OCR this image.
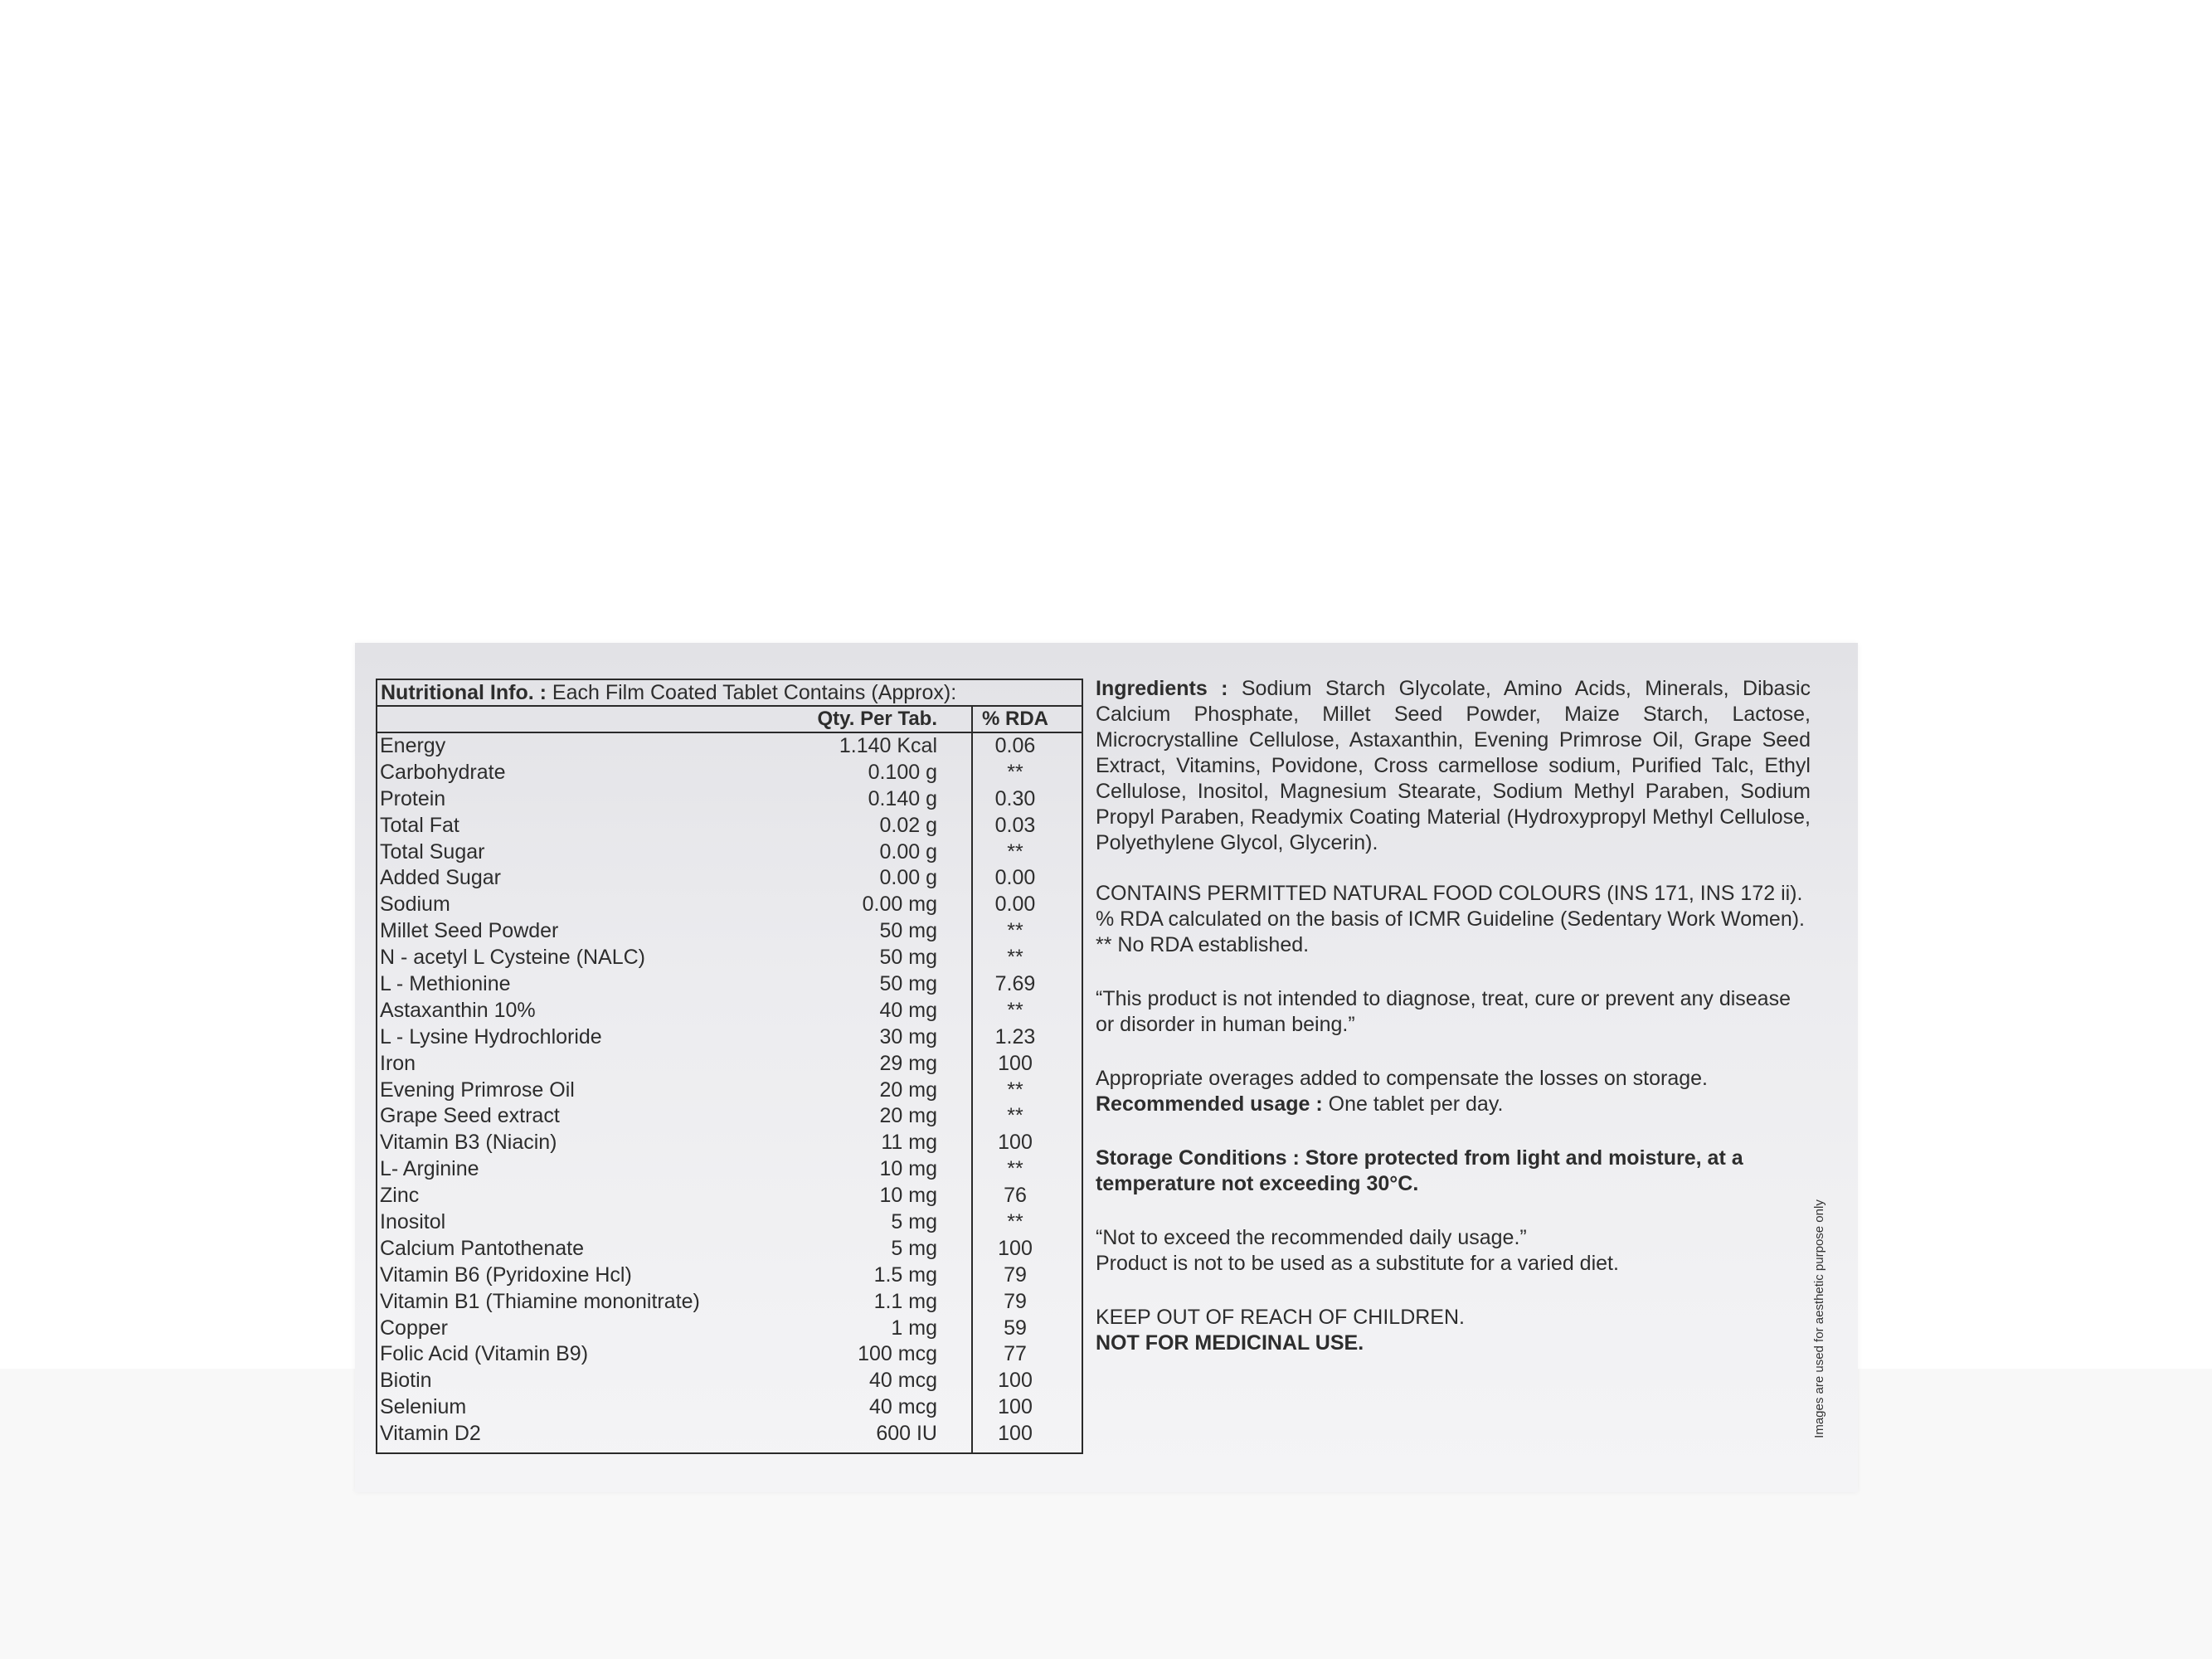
Nutritional Info. : Each Film Coated Tablet Contains (Approx):
Qty. Per Tab. % RDA
Energy	1.140 Kcal	0.06
Carbohydrate	0.100 g	**
Protein	0.140 g	0.30
Total Fat	0.02 g	0.03
Total Sugar	0.00 g	**
Added Sugar	0.00 g	0.00
Sodium	0.00 mg	0.00
Millet Seed Powder	50 mg	**
N - acetyl L Cysteine (NALC)	50 mg	**
L - Methionine	50 mg	7.69
Astaxanthin 10%	40 mg	**
L - Lysine Hydrochloride	30 mg	1.23
Iron	29 mg	100
Evening Primrose Oil	20 mg	**
Grape Seed extract	20 mg	**
Vitamin B3 (Niacin)	11 mg	100
L- Arginine	10 mg	**
Zinc	10 mg	76
Inositol	5 mg	**
Calcium Pantothenate	5 mg	100
Vitamin B6 (Pyridoxine Hcl)	1.5 mg	79
Vitamin B1 (Thiamine mononitrate)	1.1 mg	79
Copper	1 mg	59
Folic Acid (Vitamin B9)	100 mcg	77
Biotin	40 mcg	100
Selenium	40 mcg	100
Vitamin D2	600 IU	100

Ingredients : Sodium Starch Glycolate, Amino Acids, Minerals, Dibasic Calcium Phosphate, Millet Seed Powder, Maize Starch, Lactose, Microcrystalline Cellulose, Astaxanthin, Evening Primrose Oil, Grape Seed Extract, Vitamins, Povidone, Cross carmellose sodium, Purified Talc, Ethyl Cellulose, Inositol, Magnesium Stearate, Sodium Methyl Paraben, Sodium Propyl Paraben, Readymix Coating Material (Hydroxypropyl Methyl Cellulose, Polyethylene Glycol, Glycerin).

CONTAINS PERMITTED NATURAL FOOD COLOURS (INS 171, INS 172 ii).

% RDA calculated on the basis of ICMR Guideline (Sedentary Work Women).

** No RDA established.

“This product is not intended to diagnose, treat, cure or prevent any disease or disorder in human being.”

Appropriate overages added to compensate the losses on storage.

Recommended usage : One tablet per day.

Storage Conditions : Store protected from light and moisture, at a temperature not exceeding 30°C.

“Not to exceed the recommended daily usage.”

Product is not to be used as a substitute for a varied diet.

KEEP OUT OF REACH OF CHILDREN.

NOT FOR MEDICINAL USE.	Images are used for aesthetic purpose only
